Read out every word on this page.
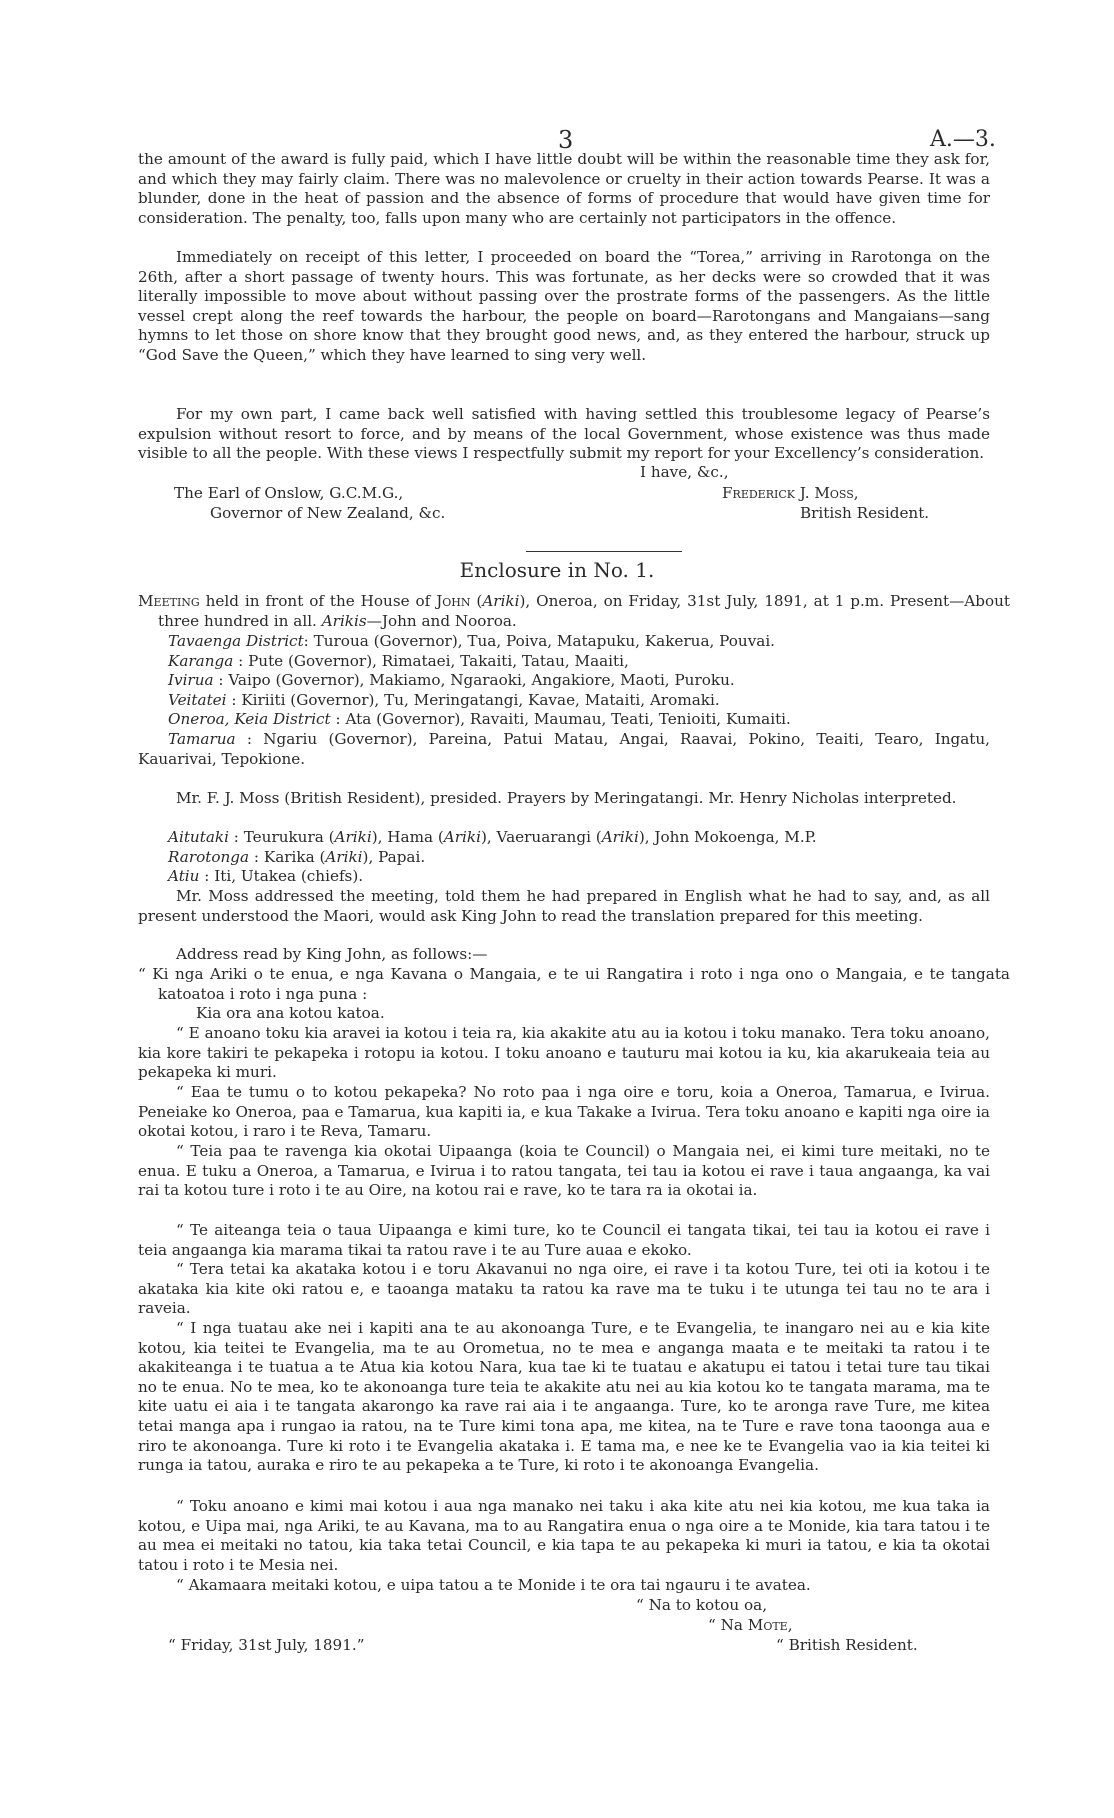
3	A.—3.
the amount of the award is fully paid, which I have little doubt will be within the reasonable time they ask for, and which they may fairly claim. There was no malevolence or cruelty in their action towards Pearse. It was a blunder, done in the heat of passion and the absence of forms of procedure that would have given time for consideration. The penalty, too, falls upon many who are certainly not participators in the offence.
Immediately on receipt of this letter, I proceeded on board the “Torea,” arriving in Rarotonga on the 26th, after a short passage of twenty hours. This was fortunate, as her decks were so crowded that it was literally impossible to move about without passing over the prostrate forms of the passengers. As the little vessel crept along the reef towards the harbour, the people on board—Rarotongans and Mangaians—sang hymns to let those on shore know that they brought good news, and, as they entered the harbour, struck up “God Save the Queen,” which they have learned to sing very well.
For my own part, I came back well satisfied with having settled this troublesome legacy of Pearse’s expulsion without resort to force, and by means of the local Government, whose existence was thus made visible to all the people. With these views I respectfully submit my report for your Excellency’s consideration.
I have, &c.,
The Earl of Onslow, G.C.M.G.,
Governor of New Zealand, &c.
Frederick J. Moss,
British Resident.
Enclosure in No. 1.
Meeting held in front of the House of John (Ariki), Oneroa, on Friday, 31st July, 1891, at 1 p.m. Present—About three hundred in all. Arikis—John and Nooroa.
Tavaenga District: Turoua (Governor), Tua, Poiva, Matapuku, Kakerua, Pouvai.
Karanga : Pute (Governor), Rimataei, Takaiti, Tatau, Maaiti,
Ivirua : Vaipo (Governor), Makiamo, Ngaraoki, Angakiore, Maoti, Puroku.
Veitatei : Kiriiti (Governor), Tu, Meringatangi, Kavae, Mataiti, Aromaki.
Oneroa, Keia District : Ata (Governor), Ravaiti, Maumau, Teati, Tenioiti, Kumaiti.
Tamarua : Ngariu (Governor), Pareina, Patui Matau, Angai, Raavai, Pokino, Teaiti, Tearo, Ingatu, Kauarivai, Tepokione.
Mr. F. J. Moss (British Resident), presided. Prayers by Meringatangi. Mr. Henry Nicholas interpreted.
Aitutaki : Teurukura (Ariki), Hama (Ariki), Vaeruarangi (Ariki), John Mokoenga, M.P.
Rarotonga : Karika (Ariki), Papai.
Atiu : Iti, Utakea (chiefs).
Mr. Moss addressed the meeting, told them he had prepared in English what he had to say, and, as all present understood the Maori, would ask King John to read the translation prepared for this meeting.
Address read by King John, as follows:—
“ Ki nga Ariki o te enua, e nga Kavana o Mangaia, e te ui Rangatira i roto i nga ono o Mangaia, e te tangata katoatoa i roto i nga puna :
Kia ora ana kotou katoa.
“ E anoano toku kia aravei ia kotou i teia ra, kia akakite atu au ia kotou i toku manako. Tera toku anoano, kia kore takiri te pekapeka i rotopu ia kotou. I toku anoano e tauturu mai kotou ia ku, kia akarukeaia teia au pekapeka ki muri.
“ Eaa te tumu o to kotou pekapeka? No roto paa i nga oire e toru, koia a Oneroa, Tamarua, e Ivirua. Peneiake ko Oneroa, paa e Tamarua, kua kapiti ia, e kua Takake a Ivirua. Tera toku anoano e kapiti nga oire ia okotai kotou, i raro i te Reva, Tamaru.
“ Teia paa te ravenga kia okotai Uipaanga (koia te Council) o Mangaia nei, ei kimi ture meitaki, no te enua. E tuku a Oneroa, a Tamarua, e Ivirua i to ratou tangata, tei tau ia kotou ei rave i taua angaanga, ka vai rai ta kotou ture i roto i te au Oire, na kotou rai e rave, ko te tara ra ia okotai ia.
“ Te aiteanga teia o taua Uipaanga e kimi ture, ko te Council ei tangata tikai, tei tau ia kotou ei rave i teia angaanga kia marama tikai ta ratou rave i te au Ture auaa e ekoko.
“ Tera tetai ka akataka kotou i e toru Akavanui no nga oire, ei rave i ta kotou Ture, tei oti ia kotou i te akataka kia kite oki ratou e, e taoanga mataku ta ratou ka rave ma te tuku i te utunga tei tau no te ara i raveia.
“ I nga tuatau ake nei i kapiti ana te au akonoanga Ture, e te Evangelia, te inangaro nei au e kia kite kotou, kia teitei te Evangelia, ma te au Orometua, no te mea e anganga maata e te meitaki ta ratou i te akakiteanga i te tuatua a te Atua kia kotou Nara, kua tae ki te tuatau e akatupu ei tatou i tetai ture tau tikai no te enua. No te mea, ko te akonoanga ture teia te akakite atu nei au kia kotou ko te tangata marama, ma te kite uatu ei aia i te tangata akarongo ka rave rai aia i te angaanga. Ture, ko te aronga rave Ture, me kitea tetai manga apa i rungao ia ratou, na te Ture kimi tona apa, me kitea, na te Ture e rave tona taoonga aua e riro te akonoanga. Ture ki roto i te Evangelia akataka i. E tama ma, e nee ke te Evangelia vao ia kia teitei ki runga ia tatou, auraka e riro te au pekapeka a te Ture, ki roto i te akonoanga Evangelia.
“ Toku anoano e kimi mai kotou i aua nga manako nei taku i aka kite atu nei kia kotou, me kua taka ia kotou, e Uipa mai, nga Ariki, te au Kavana, ma to au Rangatira enua o nga oire a te Monide, kia tara tatou i te au mea ei meitaki no tatou, kia taka tetai Council, e kia tapa te au pekapeka ki muri ia tatou, e kia ta okotai tatou i roto i te Mesia nei.
“ Akamaara meitaki kotou, e uipa tatou a te Monide i te ora tai ngauru i te avatea.
“ Na to kotou oa,
“ Na Mote,
“ British Resident.
“ Friday, 31st July, 1891.”
